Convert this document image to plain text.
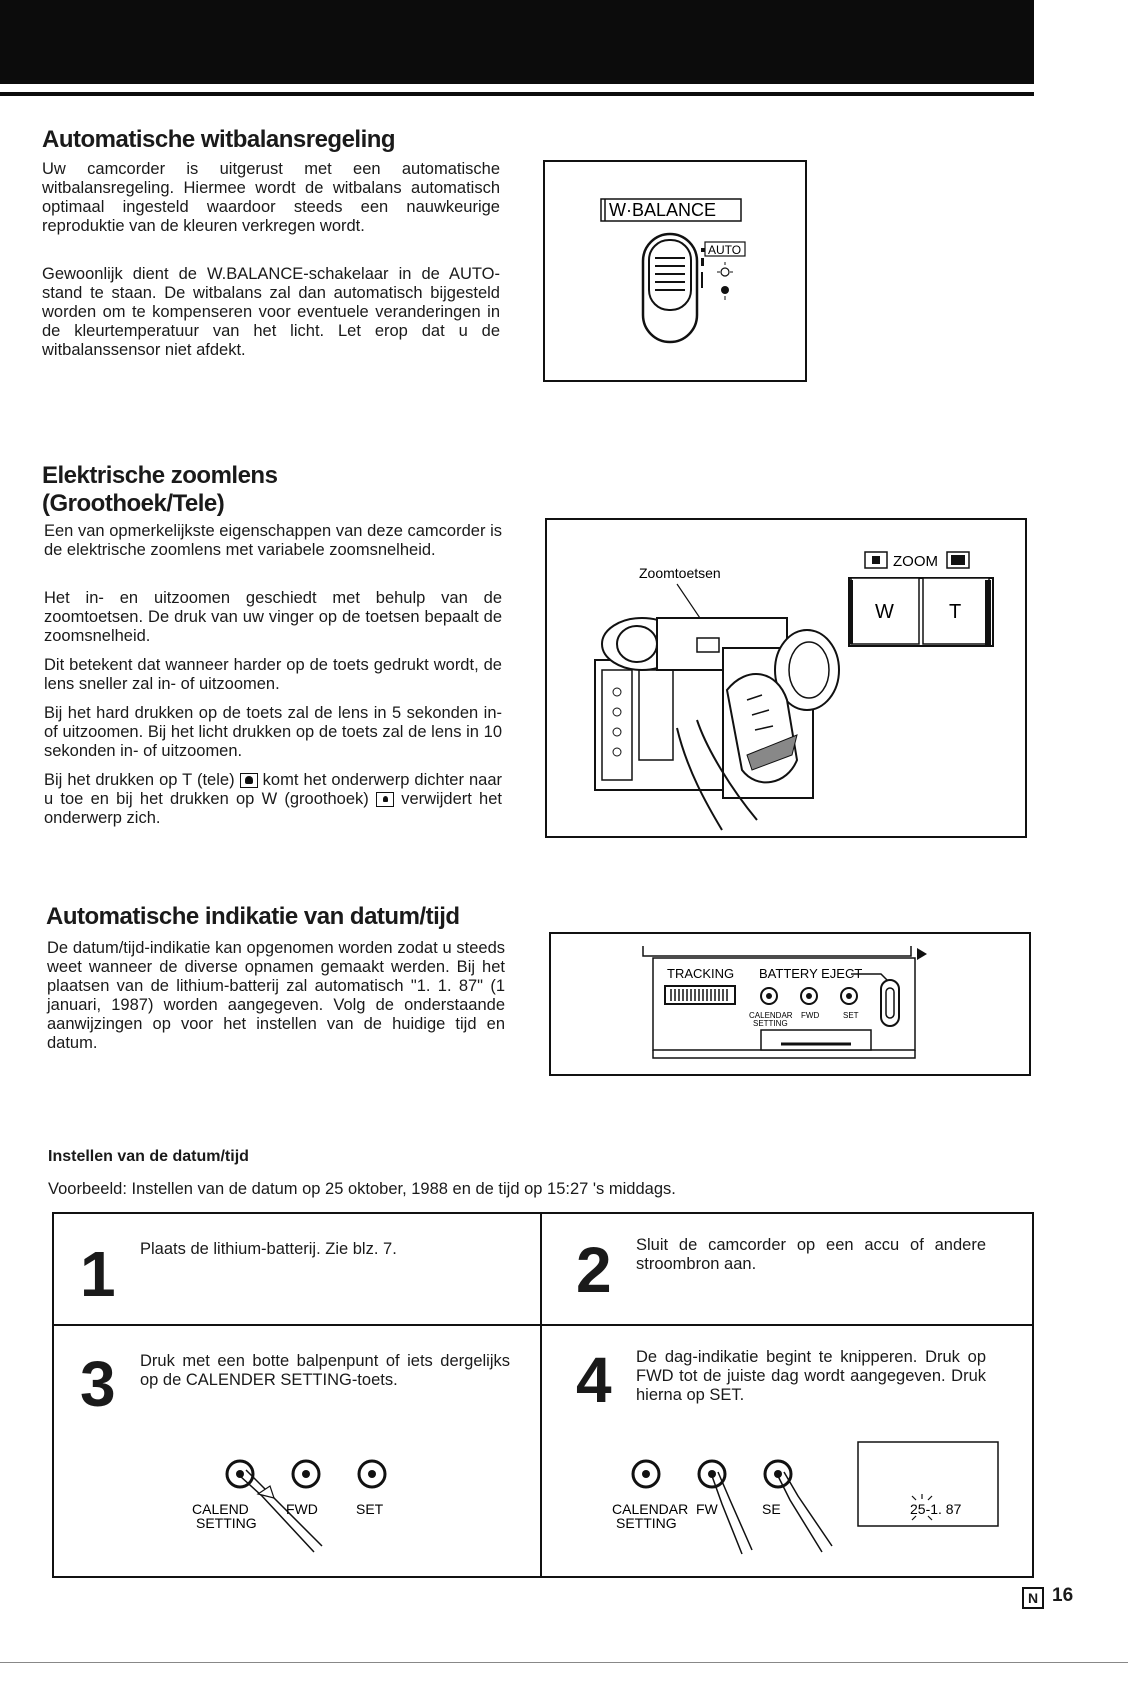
Automatische witbalansregeling

Uw camcorder is uitgerust met een automatische witbalansregeling. Hiermee wordt de witbalans automatisch optimaal ingesteld waardoor steeds een nauwkeurige reproduktie van de kleuren verkregen wordt.

Gewoonlijk dient de W.BALANCE-schakelaar in de AUTO-stand te staan. De witbalans zal dan automatisch bijgesteld worden om te kompenseren voor eventuele veranderingen in de kleurtemperatuur van het licht. Let erop dat u de witbalanssensor niet afdekt.

W·BALANCE
AUTO
Elektrische zoomlens
(Groothoek/Tele)

Een van opmerkelijkste eigenschappen van deze camcorder is de elektrische zoomlens met variabele zoomsnelheid.

Het in- en uitzoomen geschiedt met behulp van de zoomtoetsen. De druk van uw vinger op de toetsen bepaalt de zoomsnelheid.

Dit betekent dat wanneer harder op de toets gedrukt wordt, de lens sneller zal in- of uitzoomen.

Bij het hard drukken op de toets zal de lens in 5 sekonden in- of uitzoomen. Bij het licht drukken op de toets zal de lens in 10 sekonden in- of uitzoomen.

Bij het drukken op T (tele) komt het onderwerp dichter naar u toe en bij het drukken op W (groothoek) verwijdert het onderwerp zich.

Zoomtoetsen
ZOOM
W	T
Automatische indikatie van datum/tijd

De datum/tijd-indikatie kan opgenomen worden zodat u steeds weet wanneer de diverse opnamen gemaakt werden. Bij het plaatsen van de lithium-batterij zal automatisch "1. 1. 87" (1 januari, 1987) worden aangegeven. Volg de onderstaande aanwijzingen op voor het instellen van de huidige tijd en datum.

TRACKING BATTERY EJECT
CALENDAR
SETTING
FWD	SET

Instellen van de datum/tijd

Voorbeeld: Instellen van de datum op 25 oktober, 1988 en de tijd op 15:27 's middags.

1 Plaats de lithium-batterij. Zie blz. 7.	2 Sluit de camcorder op een accu of andere stroombron aan.
3 Druk met een botte balpenpunt of iets dergelijks op de CALENDER SETTING-toets.
CALEND
SETTING
FWD	SET
4 De dag-indikatie begint te knipperen. Druk op FWD tot de juiste dag wordt aangegeven. Druk hierna op SET.
CALENDAR
SETTING
FW	SE	25-1. 87
N 16
